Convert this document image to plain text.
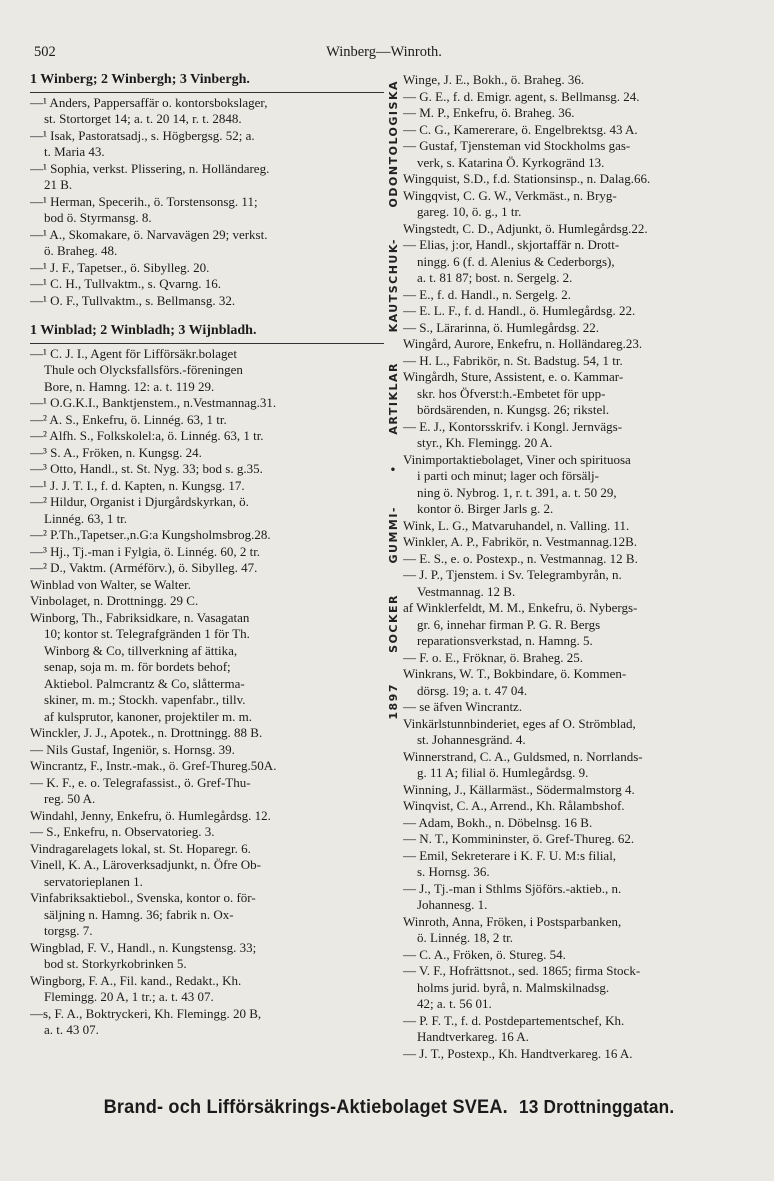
502	Winberg—Winroth.
1 Winberg; 2 Winbergh; 3 Vinbergh.
—¹ Anders, Pappersaffär o. kontorsbokslager,
st. Stortorget 14; a. t. 20 14, r. t. 2848.
—¹ Isak, Pastoratsadj., s. Högbergsg. 52; a.
t. Maria 43.
—¹ Sophia, verkst. Plissering, n. Holländareg.
21 B.
—¹ Herman, Specerih., ö. Torstensonsg. 11;
bod ö. Styrmansg. 8.
—¹ A., Skomakare, ö. Narvavägen 29; verkst.
ö. Braheg. 48.
—¹ J. F., Tapetser., ö. Sibylleg. 20.
—¹ C. H., Tullvaktm., s. Qvarng. 16.
—¹ O. F., Tullvaktm., s. Bellmansg. 32.
1 Winblad; 2 Winbladh; 3 Wijnbladh.
—¹ C. J. I., Agent för Lifförsäkr.bolaget
Thule och Olycksfallsförs.-föreningen
Bore, n. Hamng. 12: a. t. 119 29.
—¹ O.G.K.I., Banktjenstem., n.Vestmannag.31.
—² A. S., Enkefru, ö. Linnég. 63, 1 tr.
—² Alfh. S., Folkskolel:a, ö. Linnég. 63, 1 tr.
—³ S. A., Fröken, n. Kungsg. 24.
—³ Otto, Handl., st. St. Nyg. 33; bod s. g.35.
—¹ J. J. T. I., f. d. Kapten, n. Kungsg. 17.
—² Hildur, Organist i Djurgårdskyrkan, ö.
Linnég. 63, 1 tr.
—² P.Th.,Tapetser.,n.G:a Kungsholmsbrog.28.
—³ Hj., Tj.-man i Fylgia, ö. Linnég. 60, 2 tr.
—² D., Vaktm. (Arméförv.), ö. Sibylleg. 47.
Winblad von Walter, se Walter.
Vinbolaget, n. Drottningg. 29 C.
Winborg, Th., Fabriksidkare, n. Vasagatan
10; kontor st. Telegrafgränden 1 för Th.
Winborg & Co, tillverkning af ättika,
senap, soja m. m. för bordets behof;
Aktiebol. Palmcrantz & Co, slåtterma-
skiner, m. m.; Stockh. vapenfabr., tillv.
af kulsprutor, kanoner, projektiler m. m.
Winckler, J. J., Apotek., n. Drottningg. 88 B.
— Nils Gustaf, Ingeniör, s. Hornsg. 39.
Wincrantz, F., Instr.-mak., ö. Gref-Thureg.50A.
— K. F., e. o. Telegrafassist., ö. Gref-Thu-
reg. 50 A.
Windahl, Jenny, Enkefru, ö. Humlegårdsg. 12.
— S., Enkefru, n. Observatorieg. 3.
Vindragarelagets lokal, st. St. Hoparegr. 6.
Vinell, K. A., Läroverksadjunkt, n. Öfre Ob-
servatorieplanen 1.
Vinfabriksaktiebol., Svenska, kontor o. för-
säljning n. Hamng. 36; fabrik n. Ox-
torgsg. 7.
Wingblad, F. V., Handl., n. Kungstensg. 33;
bod st. Storkyrkobrinken 5.
Wingborg, F. A., Fil. kand., Redakt., Kh.
Flemingg. 20 A, 1 tr.; a. t. 43 07.
—s, F. A., Boktryckeri, Kh. Flemingg. 20 B,
a. t. 43 07.
ODONTOLOGISKA
KAUTSCHUK-
ARTIKLAR
•
GUMMI-
SOCKER
1897
Winge, J. E., Bokh., ö. Braheg. 36.
— G. E., f. d. Emigr. agent, s. Bellmansg. 24.
— M. P., Enkefru, ö. Braheg. 36.
— C. G., Kamererare, ö. Engelbrektsg. 43 A.
— Gustaf, Tjensteman vid Stockholms gas-
verk, s. Katarina Ö. Kyrkogränd 13.
Wingquist, S.D., f.d. Stationsinsp., n. Dalag.66.
Wingqvist, C. G. W., Verkmäst., n. Bryg-
gareg. 10, ö. g., 1 tr.
Wingstedt, C. D., Adjunkt, ö. Humlegårdsg.22.
— Elias, j:or, Handl., skjortaffär n. Drott-
ningg. 6 (f. d. Alenius & Cederborgs),
a. t. 81 87; bost. n. Sergelg. 2.
— E., f. d. Handl., n. Sergelg. 2.
— E. L. F., f. d. Handl., ö. Humlegårdsg. 22.
— S., Lärarinna, ö. Humlegårdsg. 22.
Wingård, Aurore, Enkefru, n. Holländareg.23.
— H. L., Fabrikör, n. St. Badstug. 54, 1 tr.
Wingårdh, Sture, Assistent, e. o. Kammar-
skr. hos Öfverst:h.-Embetet för upp-
bördsärenden, n. Kungsg. 26; rikstel.
— E. J., Kontorsskrifv. i Kongl. Jernvägs-
styr., Kh. Flemingg. 20 A.
Vinimportaktiebolaget, Viner och spirituosa
i parti och minut; lager och försälj-
ning ö. Nybrog. 1, r. t. 391, a. t. 50 29,
kontor ö. Birger Jarls g. 2.
Wink, L. G., Matvaruhandel, n. Valling. 11.
Winkler, A. P., Fabrikör, n. Vestmannag.12B.
— E. S., e. o. Postexp., n. Vestmannag. 12 B.
— J. P., Tjenstem. i Sv. Telegrambyrån, n.
Vestmannag. 12 B.
af Winklerfeldt, M. M., Enkefru, ö. Nybergs-
gr. 6, innehar firman P. G. R. Bergs
reparationsverkstad, n. Hamng. 5.
— F. o. E., Fröknar, ö. Braheg. 25.
Winkrans, W. T., Bokbindare, ö. Kommen-
dörsg. 19; a. t. 47 04.
— se äfven Wincrantz.
Vinkärlstunnbinderiet, eges af O. Strömblad,
st. Johannesgränd. 4.
Winnerstrand, C. A., Guldsmed, n. Norrlands-
g. 11 A; filial ö. Humlegårdsg. 9.
Winning, J., Källarmäst., Södermalmstorg 4.
Winqvist, C. A., Arrend., Kh. Rålambshof.
— Adam, Bokh., n. Döbelnsg. 16 B.
— N. T., Kommininster, ö. Gref-Thureg. 62.
— Emil, Sekreterare i K. F. U. M:s filial,
s. Hornsg. 36.
— J., Tj.-man i Sthlms Sjöförs.-aktieb., n.
Johannesg. 1.
Winroth, Anna, Fröken, i Postsparbanken,
ö. Linnég. 18, 2 tr.
— C. A., Fröken, ö. Stureg. 54.
— V. F., Hofrättsnot., sed. 1865; firma Stock-
holms jurid. byrå, n. Malmskilnadsg.
42; a. t. 56 01.
— P. F. T., f. d. Postdepartementschef, Kh.
Handtverkareg. 16 A.
— J. T., Postexp., Kh. Handtverkareg. 16 A.
Brand- och Lifförsäkrings-Aktiebolaget SVEA. 13 Drottninggatan.
